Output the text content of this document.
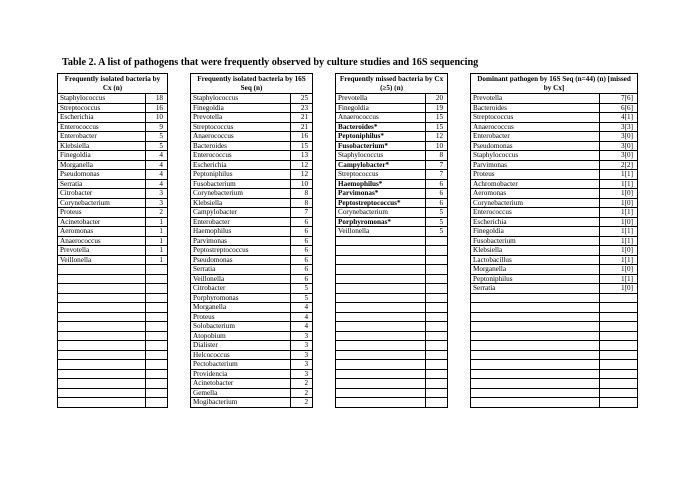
Table 2. A list of pathogens that were frequently observed by culture studies and 16S sequencing
Frequently isolated bacteria by Cx (n)			Frequently isolated bacteria by 16S Seq (n)			Frequently missed bacteria by Cx (≥5) (n)			Dominant pathogen by 16S Seq (n=44) (n) [missed by Cx]	
Staphylococcus	18		Staphylococcus	25		Prevotella	20		Prevotella	7[6]
Streptococcus	16		Finegoldia	23		Finegoldia	19		Bacteroides	6[6]
Escherichia	10		Prevotella	21		Anaerococcus	15		Streptococcus	4[1]
Enterococcus	9		Streptococcus	21		Bacteroides*	15		Anaerococcus	3[3]
Enterobacter	5		Anaerococcus	16		Peptoniphilus*	12		Enterobacter	3[0]
Klebsiella	5		Bacteroides	15		Fusobacterium*	10		Pseudomonas	3[0]
Finegoldia	4		Enterococcus	13		Staphylococcus	8		Staphylococcus	3[0]
Morganella	4		Escherichia	12		Campylobacter*	7		Parvimonas	2[2]
Pseudomonas	4		Peptoniphilus	12		Streptococcus	7		Proteus	1[1]
Serratia	4		Fusobacterium	10		Haemophilus*	6		Achromobacter	1[1]
Citrobacter	3		Corynebacterium	8		Parvimonas*	6		Aeromonas	1[0]
Corynebacterium	3		Klebsiella	8		Peptostreptococcus*	6		Corynebacterium	1[0]
Proteus	2		Campylobacter	7		Corynebacterium	5		Enterococcus	1[1]
Acinetobacter	1		Enterobacter	6		Porphyromonas*	5		Escherichia	1[0]
Aeromonas	1		Haemophilus	6		Veillonella	5		Finegoldia	1[1]
Anaerococcus	1		Parvimonas	6					Fusobacterium	1[1]
Prevotella	1		Peptostreptococcus	6					Klebsiella	1[0]
Veillonella	1		Pseudomonas	6					Lactobacillus	1[1]
			Serratia	6					Morganella	1[0]
			Veillonella	6					Peptoniphilus	1[1]
			Citrobacter	5					Serratia	1[0]
			Porphyromonas	5						
			Morganella	4						
			Proteus	4						
			Solobacterium	4						
			Atopobium	3						
			Dialister	3						
			Helcococcus	3						
			Pectobacterium	3						
			Providencia	3						
			Acinetobacter	2						
			Gemella	2						
			Mogibacterium	2						
